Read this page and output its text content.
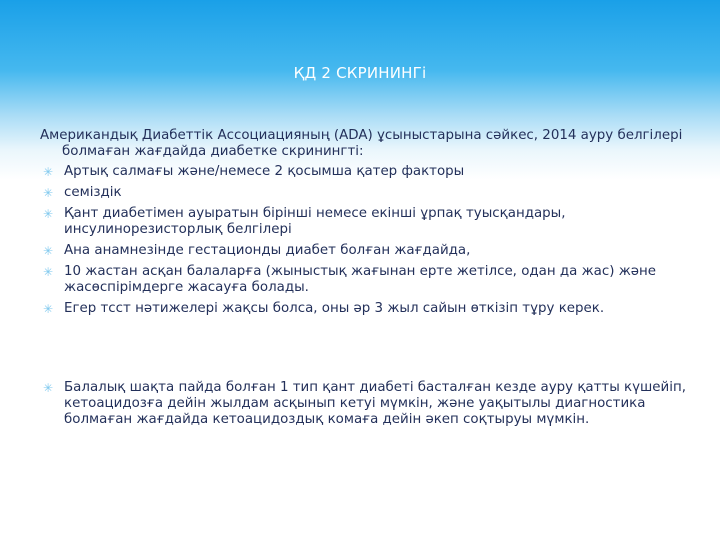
ҚД 2 СКРИНИНГі

Американдық Диабеттік Ассоциацияның (ADA) ұсыныстарына сәйкес, 2014 ауру белгілері болмаған жағдайда диабетке скринингті:

✳ Артық салмағы және/немесе 2 қосымша қатер факторы
✳ семіздік
✳ Қант диабетімен ауыратын бірінші немесе екінші ұрпақ туысқандары, инсулинорезисторлық белгілері
✳ Ана анамнезінде гестационды диабет болған жағдайда,
✳ 10 жастан асқан балаларға (жыныстық жағынан ерте жетілсе, одан да жас) және жасөспірімдерге жасауға болады.
✳ Егер тсст нәтижелері жақсы болса, оны әр 3 жыл сайын өткізіп тұру керек.
✳ Балалық шақта пайда болған 1 тип қант диабеті басталған кезде ауру қатты күшейіп, кетоацидозға дейін жылдам асқынып кетуі мүмкін, және уақытылы диагностика болмаған жағдайда кетоацидоздық комаға дейін әкеп соқтыруы мүмкін.
